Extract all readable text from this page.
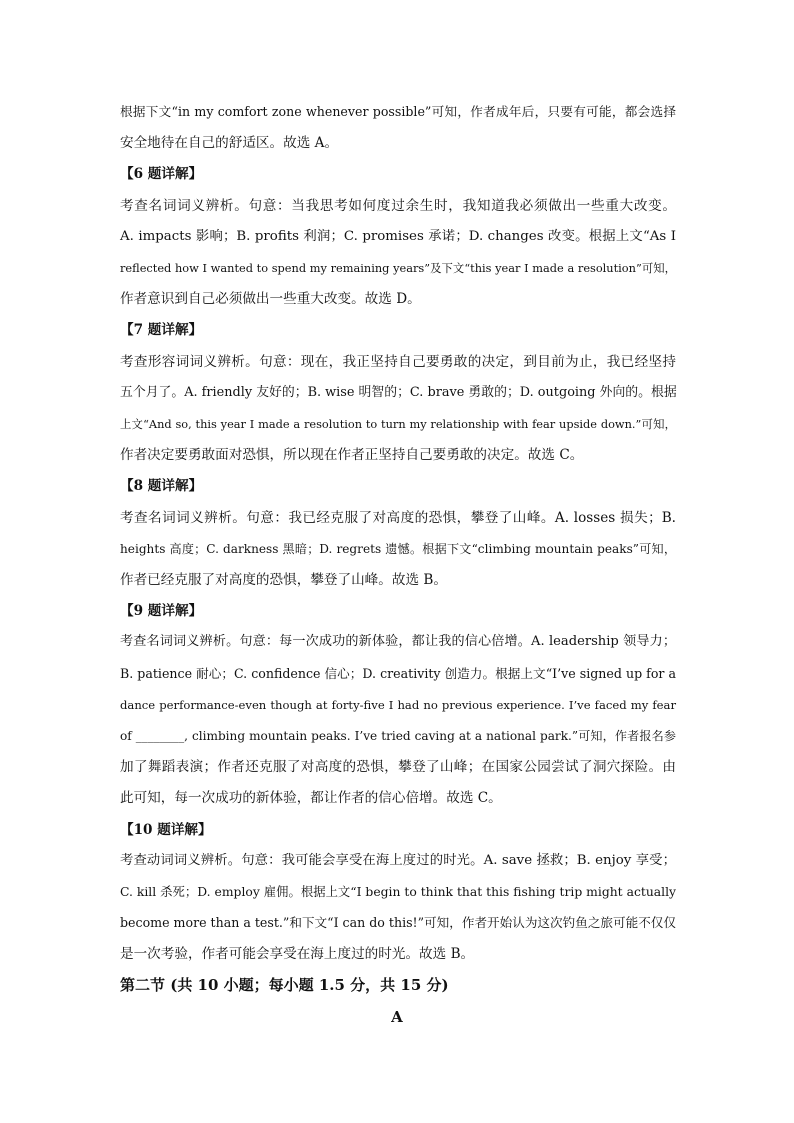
根据下文“in my comfort zone whenever possible”可知，作者成年后，只要有可能，都会选择
安全地待在自己的舒适区。故选 A。
【6 题详解】
考查名词词义辨析。句意：当我思考如何度过余生时，我知道我必须做出一些重大改变。
A. impacts 影响；B. profits 利润；C. promises 承诺；D. changes 改变。根据上文“As I
reflected how I wanted to spend my remaining years”及下文“this year I made a resolution”可知，
作者意识到自己必须做出一些重大改变。故选 D。
【7 题详解】
考查形容词词义辨析。句意：现在，我正坚持自己要勇敢的决定，到目前为止，我已经坚持
五个月了。A. friendly 友好的；B. wise 明智的；C. brave 勇敢的；D. outgoing 外向的。根据
上文“And so, this year I made a resolution to turn my relationship with fear upside down.”可知，
作者决定要勇敢面对恐惧，所以现在作者正坚持自己要勇敢的决定。故选 C。
【8 题详解】
考查名词词义辨析。句意：我已经克服了对高度的恐惧，攀登了山峰。A. losses 损失；B.
heights 高度；C. darkness 黑暗；D. regrets 遗憾。根据下文“climbing mountain peaks”可知，
作者已经克服了对高度的恐惧，攀登了山峰。故选 B。
【9 题详解】
考查名词词义辨析。句意：每一次成功的新体验，都让我的信心倍增。A. leadership 领导力；
B. patience 耐心；C. confidence 信心；D. creativity 创造力。根据上文“I’ve signed up for a
dance performance-even though at forty-five I had no previous experience. I’ve faced my fear
of ________, climbing mountain peaks. I’ve tried caving at a national park.”可知，作者报名参
加了舞蹈表演；作者还克服了对高度的恐惧，攀登了山峰；在国家公园尝试了洞穴探险。由
此可知，每一次成功的新体验，都让作者的信心倍增。故选 C。
【10 题详解】
考查动词词义辨析。句意：我可能会享受在海上度过的时光。A. save 拯救；B. enjoy 享受；
C. kill 杀死；D. employ 雇佣。根据上文“I begin to think that this fishing trip might actually
become more than a test.”和下文“I can do this!”可知，作者开始认为这次钓鱼之旅可能不仅仅
是一次考验，作者可能会享受在海上度过的时光。故选 B。
第二节 (共 10 小题；每小题 1.5 分，共 15 分)
A
